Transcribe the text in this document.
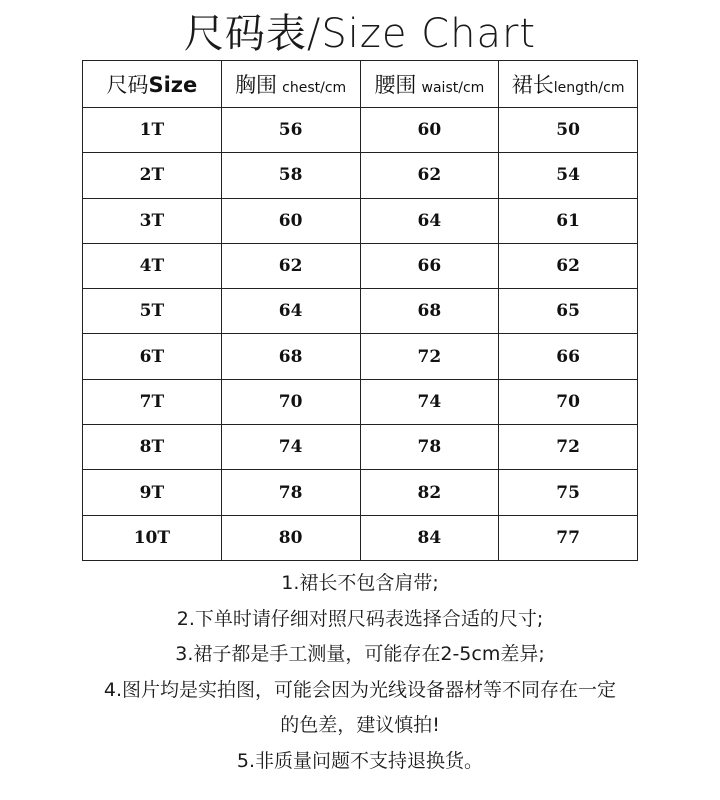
尺码表/Size Chart
尺码Size	胸围 chest/cm	腰围 waist/cm	裙长length/cm
1T	56	60	50
2T	58	62	54
3T	60	64	61
4T	62	66	62
5T	64	68	65
6T	68	72	66
7T	70	74	70
8T	74	78	72
9T	78	82	75
10T	80	84	77

1.裙长不包含肩带;

2.下单时请仔细对照尺码表选择合适的尺寸;

3.裙子都是手工测量，可能存在2-5cm差异;

4.图片均是实拍图，可能会因为光线设备器材等不同存在一定

的色差，建议慎拍!

5.非质量问题不支持退换货。
